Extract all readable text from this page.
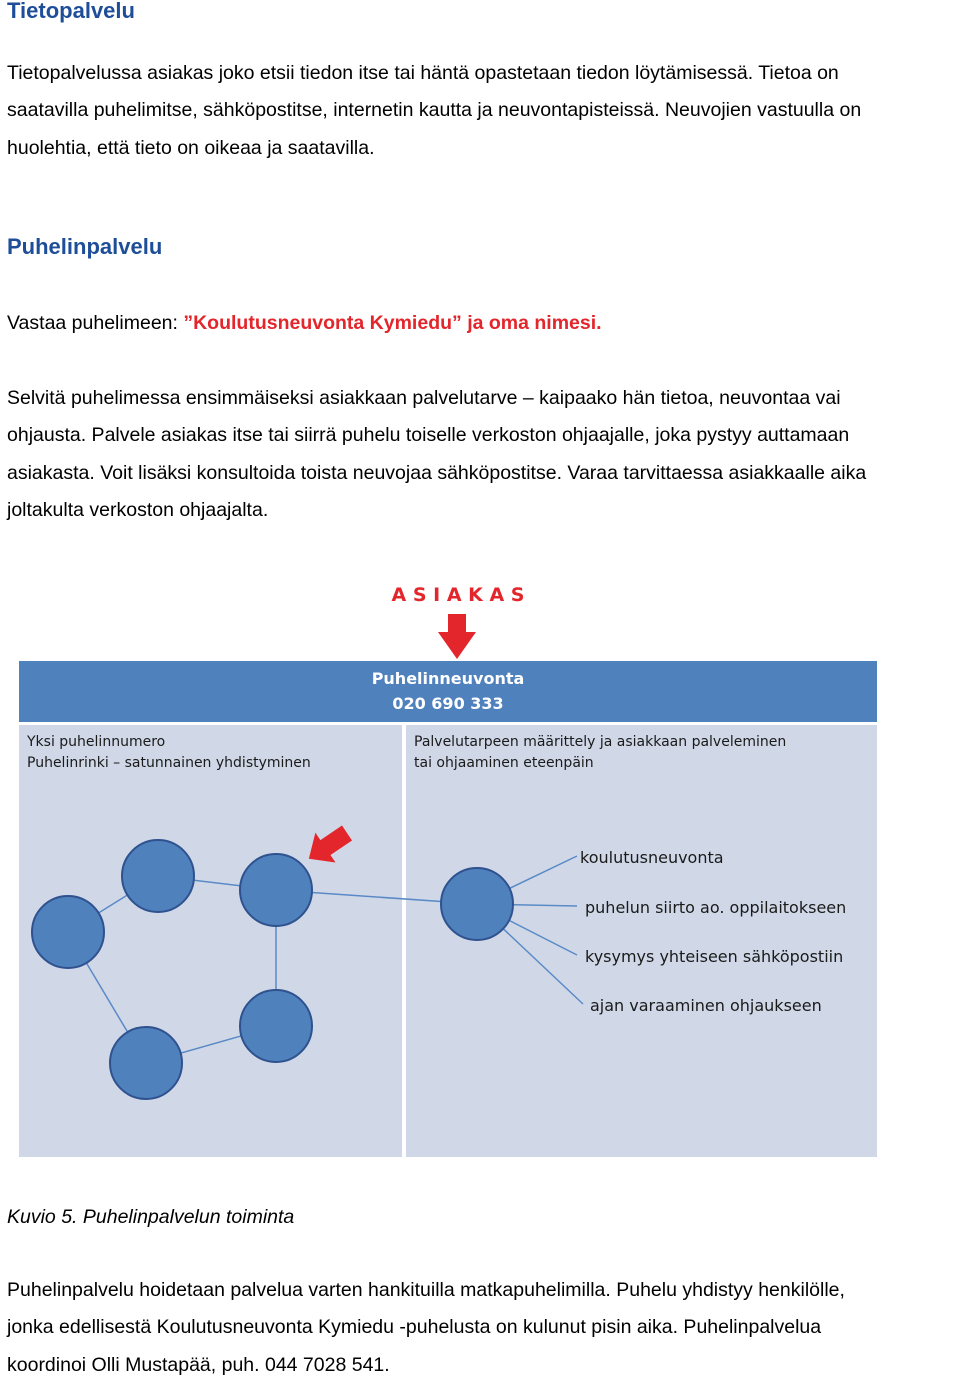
Tietopalvelu
Tietopalvelussa asiakas joko etsii tiedon itse tai häntä opastetaan tiedon löytämisessä. Tietoa on
saatavilla puhelimitse, sähköpostitse, internetin kautta ja neuvontapisteissä. Neuvojien vastuulla on
huolehtia, että tieto on oikeaa ja saatavilla.
Puhelinpalvelu
Vastaa puhelimeen: ”Koulutusneuvonta Kymiedu” ja oma nimesi.
Selvitä puhelimessa ensimmäiseksi asiakkaan palvelutarve – kaipaako hän tietoa, neuvontaa vai
ohjausta. Palvele asiakas itse tai siirrä puhelu toiselle verkoston ohjaajalle, joka pystyy auttamaan
asiakasta. Voit lisäksi konsultoida toista neuvojaa sähköpostitse. Varaa tarvittaessa asiakkaalle aika
joltakulta verkoston ohjaajalta.
A S I A K A S
Puhelinneuvonta
020 690 333
Yksi puhelinnumero
Puhelinrinki – satunnainen yhdistyminen
Palvelutarpeen määrittely ja asiakkaan palveleminen
tai ohjaaminen eteenpäin
koulutusneuvonta
puhelun siirto ao. oppilaitokseen
kysymys yhteiseen sähköpostiin
ajan varaaminen ohjaukseen
Kuvio 5. Puhelinpalvelun toiminta
Puhelinpalvelu hoidetaan palvelua varten hankituilla matkapuhelimilla. Puhelu yhdistyy henkilölle,
jonka edellisestä Koulutusneuvonta Kymiedu -puhelusta on kulunut pisin aika. Puhelinpalvelua
koordinoi Olli Mustapää, puh. 044 7028 541.
